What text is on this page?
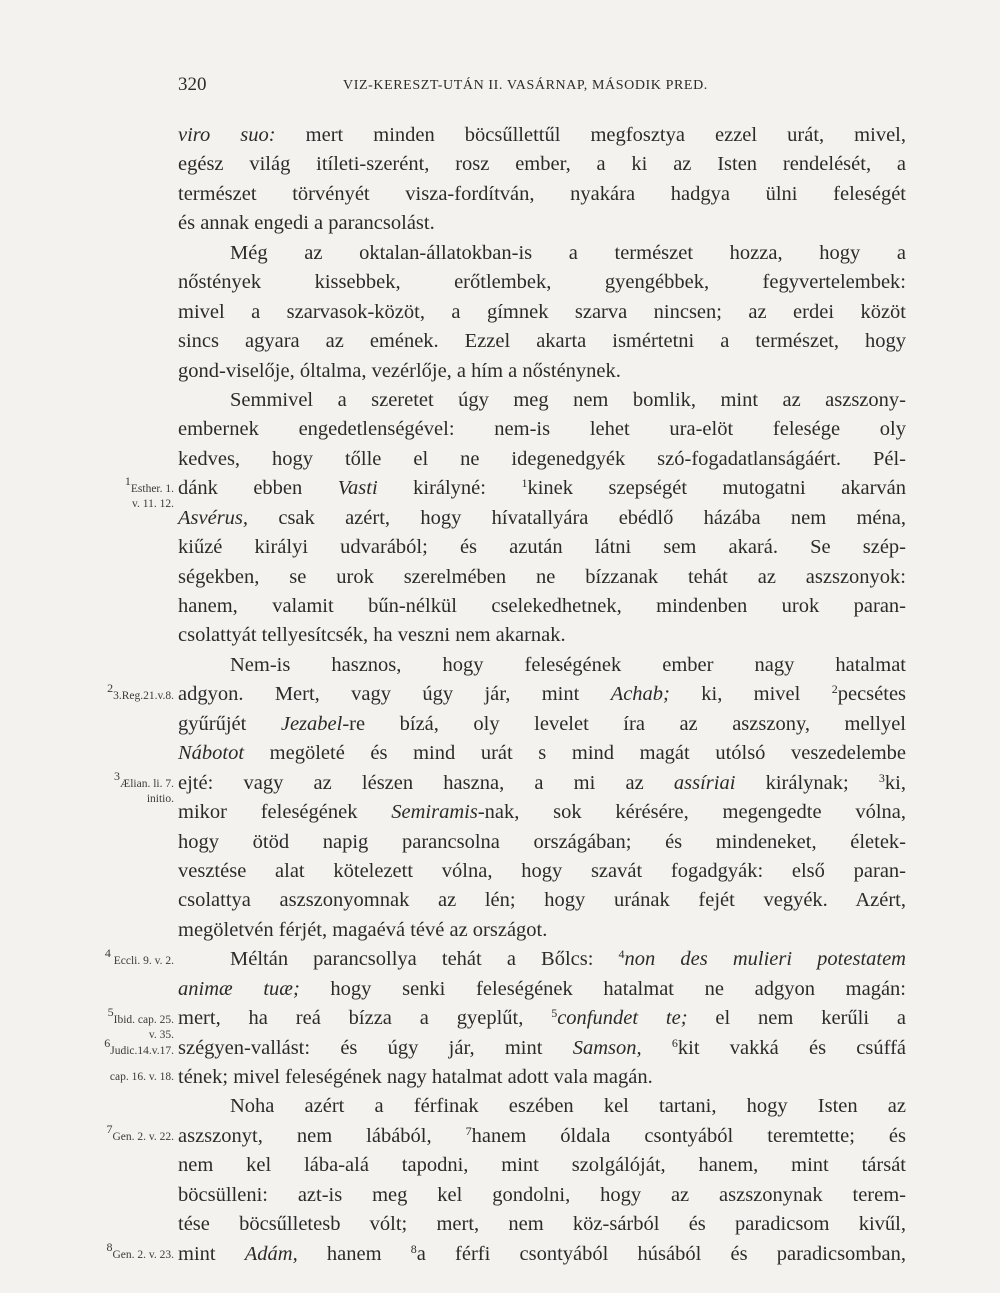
320	VIZ-KERESZT-UTÁN II. VASÁRNAP, MÁSODIK PRED.
viro suo: mert minden böcsűllettűl megfosztya ezzel urát, mivel,
egész világ itíleti-szerént, rosz ember, a ki az Isten rendelését, a
természet törvényét visza-fordítván, nyakára hadgya ülni feleségét
és annak engedi a parancsolást.
Még az oktalan-állatokban-is a természet hozza, hogy a
nőstények kissebbek, erőtlembek, gyengébbek, fegyvertelembek:
mivel a szarvasok-közöt, a gímnek szarva nincsen; az erdei közöt
sincs agyara az emének. Ezzel akarta ismértetni a természet, hogy
gond-viselője, óltalma, vezérlője, a hím a nősténynek.
Semmivel a szeretet úgy meg nem bomlik, mint az aszszony-
embernek engedetlenségével: nem-is lehet ura-elöt felesége oly
kedves, hogy tőlle el ne idegenedgyék szó-fogadatlanságáért. Pél-
dánk ebben Vasti királyné: $^1$kinek szepségét mutogatni akarván
Asvérus, csak azért, hogy hívatallyára ebédlő házába nem ména,
kiűzé királyi udvarából; és azután látni sem akará. Se szép-
ségekben, se urok szerelmében ne bízzanak tehát az aszszonyok:
hanem, valamit bűn-nélkül cselekedhetnek, mindenben urok paran-
csolattyát tellyesítcsék, ha veszni nem akarnak.
Nem-is hasznos, hogy feleségének ember nagy hatalmat
adgyon. Mert, vagy úgy jár, mint Achab; ki, mivel $^2$pecsétes
gyűrűjét Jezabel-re bízá, oly levelet íra az aszszony, mellyel
Nábotot megöleté és mind urát s mind magát utólsó veszedelembe
ejté: vagy az lészen haszna, a mi az assíriai királynak; $^3$ki,
mikor feleségének Semiramis-nak, sok kérésére, megengedte vólna,
hogy ötöd napig parancsolna országában; és mindeneket, életek-
vesztése alat kötelezett vólna, hogy szavát fogadgyák: első paran-
csolattya aszszonyomnak az lén; hogy urának fejét vegyék. Azért,
megöletvén férjét, magaévá tévé az országot.
Méltán parancsollya tehát a Bőlcs: $^4$non des mulieri potestatem
animæ tuæ; hogy senki feleségének hatalmat ne adgyon magán:
mert, ha reá bízza a gyeplűt, $^5$confundet te; el nem kerűli a
szégyen-vallást: és úgy jár, mint Samson,	$^6$kit vakká és csúffá
tének; mivel feleségének nagy hatalmat adott vala magán.
Noha azért a férfinak eszében kel tartani, hogy Isten az
aszszonyt, nem lábából, $^7$hanem óldala csontyából teremtette; és
nem kel lába-alá tapodni, mint szolgálóját, hanem, mint társát
böcsülleni: azt-is meg kel gondolni, hogy az aszszonynak terem-
tése böcsűlletesb vólt; mert, nem köz-sárból és paradicsom kivűl,
mint Adám, hanem $^8$a férfi csontyából húsából és paradicsomban,
$^1$Esther. 1.
v. 11. 12.
$^2$3.Reg.21.v.8.
$^3$Ælian. li. 7.
initio.
$^4$ Eccli. 9. v. 2.
$^5$Ibid. cap. 25.
v. 35.
$^6$Judic.14.v.17.
cap. 16. v. 18.
$^7$Gen. 2. v. 22.
$^8$Gen. 2. v. 23.
